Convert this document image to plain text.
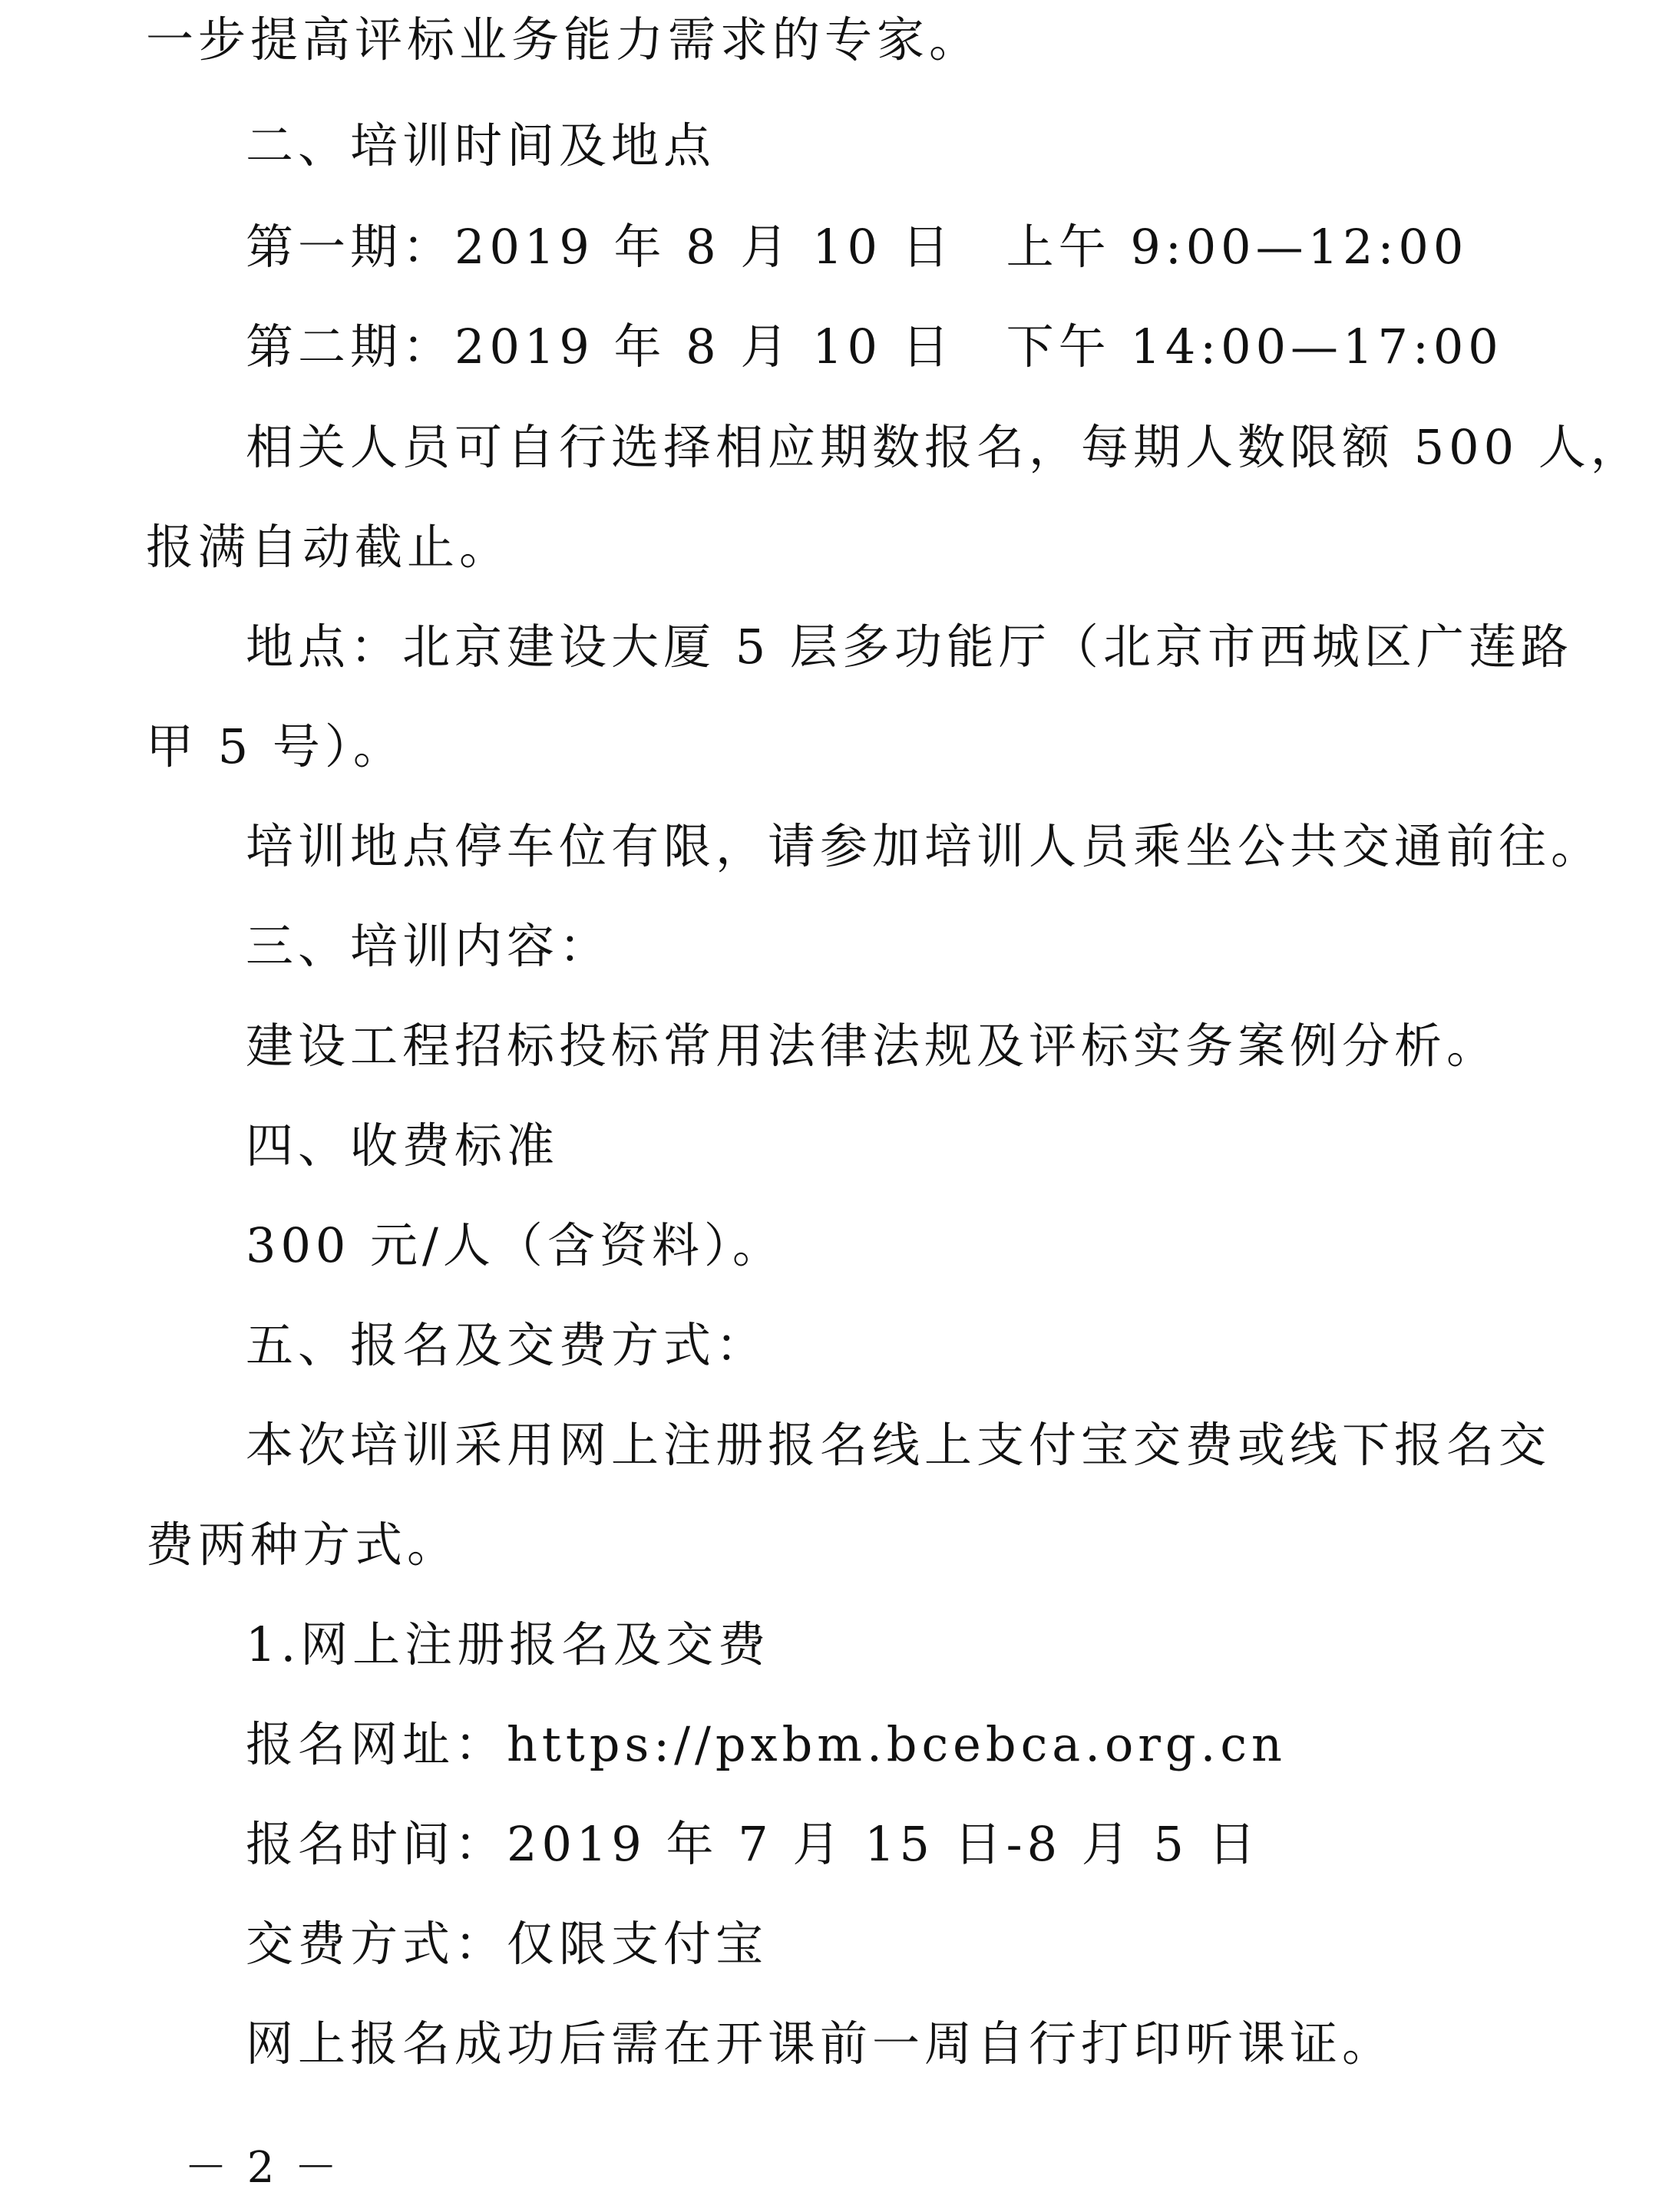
一步提高评标业务能力需求的专家。
二、培训时间及地点
第一期：2019 年 8 月 10 日　上午 9:00—12:00
第二期：2019 年 8 月 10 日　下午 14:00—17:00
相关人员可自行选择相应期数报名，每期人数限额 500 人，
报满自动截止。
地点：北京建设大厦 5 层多功能厅（北京市西城区广莲路
甲 5 号）。
培训地点停车位有限，请参加培训人员乘坐公共交通前往。
三、培训内容：
建设工程招标投标常用法律法规及评标实务案例分析。
四、收费标准
300 元/人（含资料）。
五、报名及交费方式：
本次培训采用网上注册报名线上支付宝交费或线下报名交
费两种方式。
1.网上注册报名及交费
报名网址：https://pxbm.bcebca.org.cn
报名时间：2019 年 7 月 15 日-8 月 5 日
交费方式：仅限支付宝
网上报名成功后需在开课前一周自行打印听课证。
－ 2 －
